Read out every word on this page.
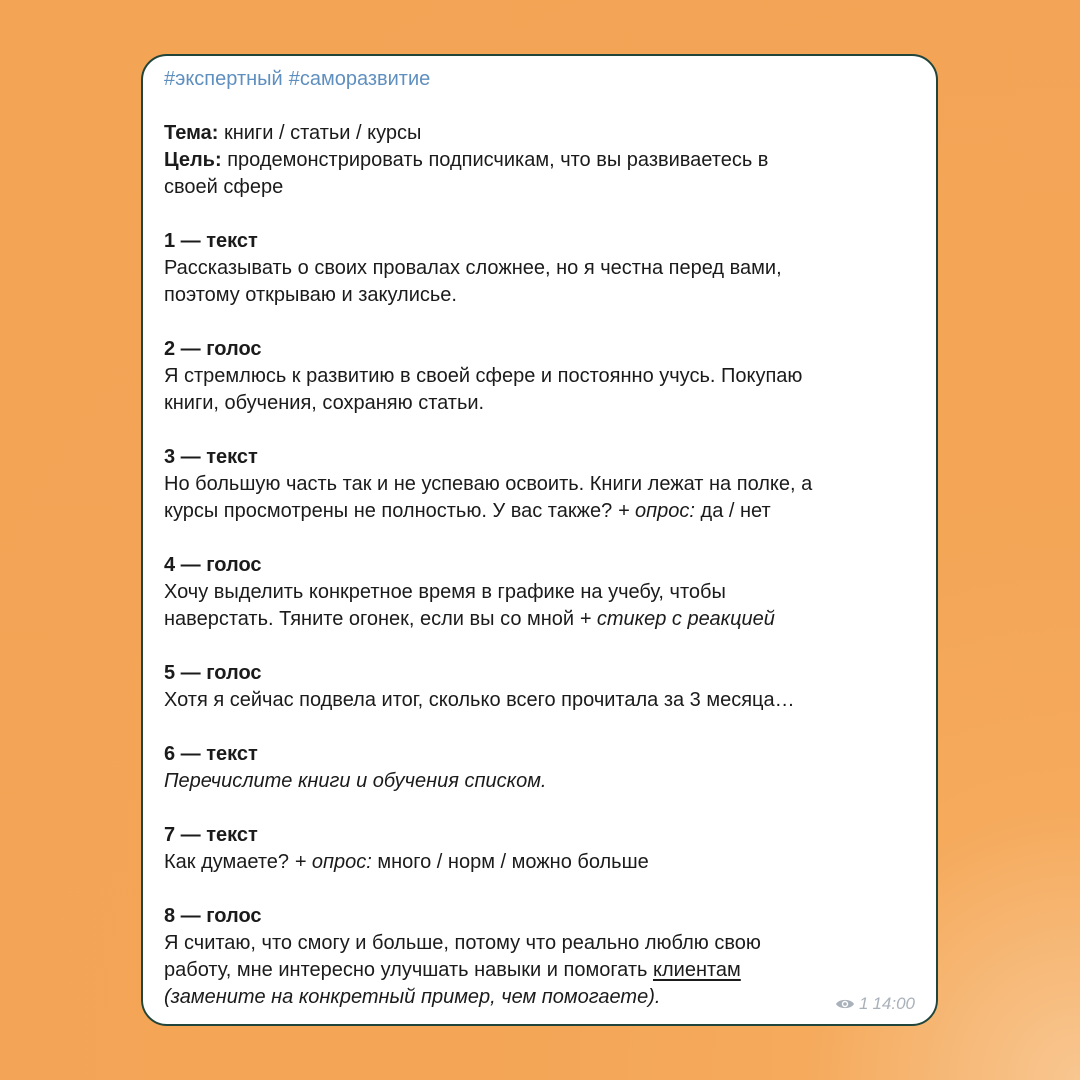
#экспертный #саморазвитие
Тема: книги / статьи / курсы
Цель: продемонстрировать подписчикам, что вы развиваетесь в
своей сфере
1 — текст
Рассказывать о своих провалах сложнее, но я честна перед вами,
поэтому открываю и закулисье.
2 — голос
Я стремлюсь к развитию в своей сфере и постоянно учусь. Покупаю
книги, обучения, сохраняю статьи.
3 — текст
Но большую часть так и не успеваю освоить. Книги лежат на полке, а
курсы просмотрены не полностью. У вас также? + опрос: да / нет
4 — голос
Хочу выделить конкретное время в графике на учебу, чтобы
наверстать. Тяните огонек, если вы со мной + стикер с реакцией
5 — голос
Хотя я сейчас подвела итог, сколько всего прочитала за 3 месяца…
6 — текст
Перечислите книги и обучения списком.
7 — текст
Как думаете? + опрос: много / норм / можно больше
8 — голос
Я считаю, что смогу и больше, потому что реально люблю свою
работу, мне интересно улучшать навыки и помогать клиентам
(замените на конкретный пример, чем помогаете).	1 14:00
